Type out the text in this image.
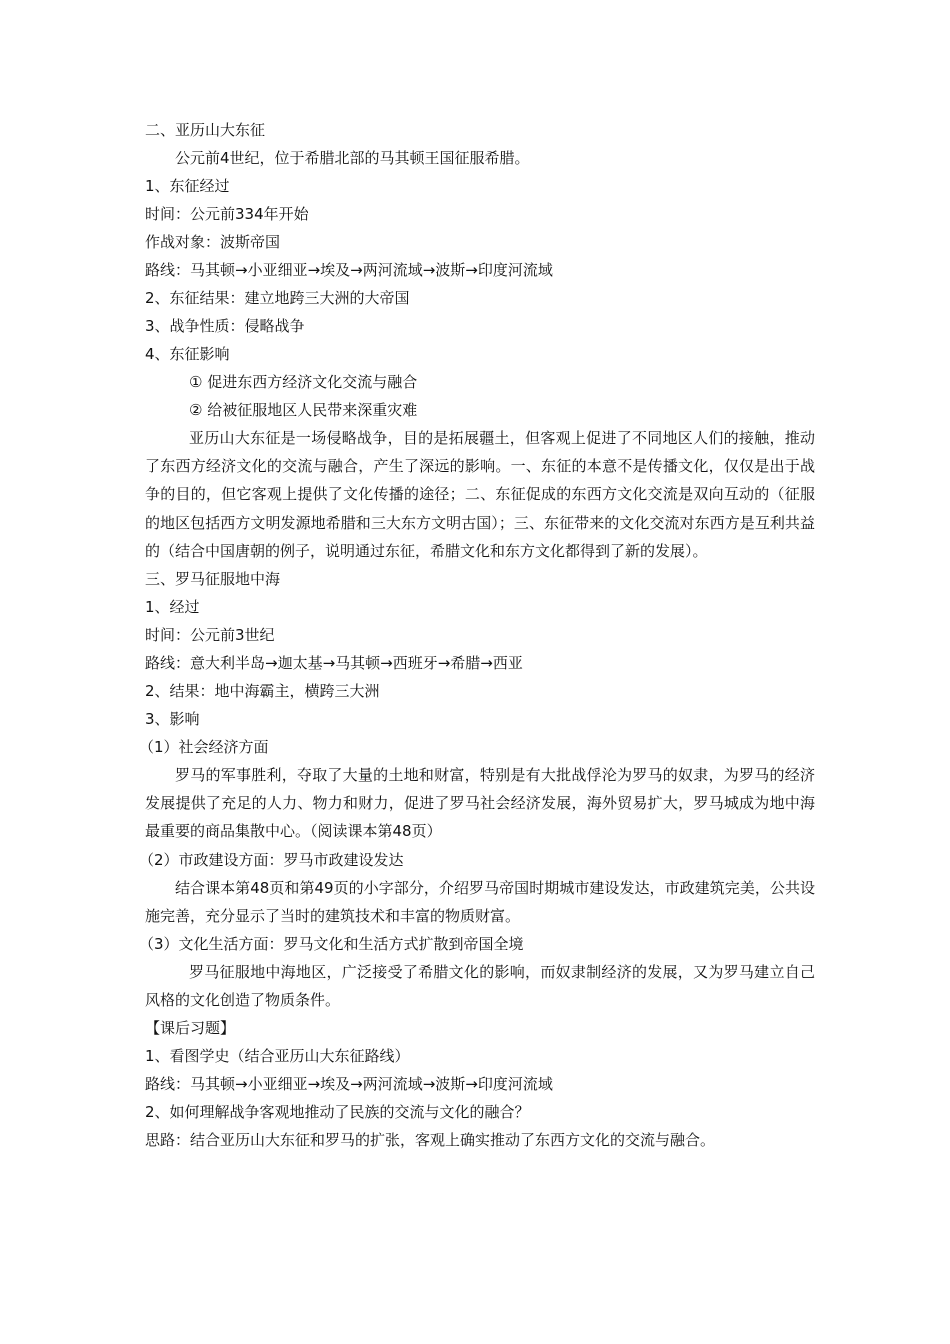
二、亚历山大东征

公元前4世纪，位于希腊北部的马其顿王国征服希腊。

1、东征经过

时间：公元前334年开始

作战对象：波斯帝国

路线：马其顿→小亚细亚→埃及→两河流域→波斯→印度河流域

2、东征结果：建立地跨三大洲的大帝国

3、战争性质：侵略战争

4、东征影响

① 促进东西方经济文化交流与融合

② 给被征服地区人民带来深重灾难

亚历山大东征是一场侵略战争，目的是拓展疆土，但客观上促进了不同地区人们的接触，推动了东西方经济文化的交流与融合，产生了深远的影响。一、东征的本意不是传播文化，仅仅是出于战争的目的，但它客观上提供了文化传播的途径；二、东征促成的东西方文化交流是双向互动的（征服的地区包括西方文明发源地希腊和三大东方文明古国）；三、东征带来的文化交流对东西方是互利共益的（结合中国唐朝的例子，说明通过东征，希腊文化和东方文化都得到了新的发展）。

三、罗马征服地中海

1、经过

时间：公元前3世纪

路线：意大利半岛→迦太基→马其顿→西班牙→希腊→西亚

2、结果：地中海霸主，横跨三大洲

3、影响

（1）社会经济方面

罗马的军事胜利，夺取了大量的土地和财富，特别是有大批战俘沦为罗马的奴隶，为罗马的经济发展提供了充足的人力、物力和财力，促进了罗马社会经济发展，海外贸易扩大，罗马城成为地中海最重要的商品集散中心。（阅读课本第48页）

（2）市政建设方面：罗马市政建设发达

结合课本第48页和第49页的小字部分，介绍罗马帝国时期城市建设发达，市政建筑完美，公共设施完善，充分显示了当时的建筑技术和丰富的物质财富。

（3）文化生活方面：罗马文化和生活方式扩散到帝国全境

罗马征服地中海地区，广泛接受了希腊文化的影响，而奴隶制经济的发展，又为罗马建立自己风格的文化创造了物质条件。

【课后习题】

1、看图学史（结合亚历山大东征路线）

路线：马其顿→小亚细亚→埃及→两河流域→波斯→印度河流域

2、如何理解战争客观地推动了民族的交流与文化的融合？

思路：结合亚历山大东征和罗马的扩张，客观上确实推动了东西方文化的交流与融合。
